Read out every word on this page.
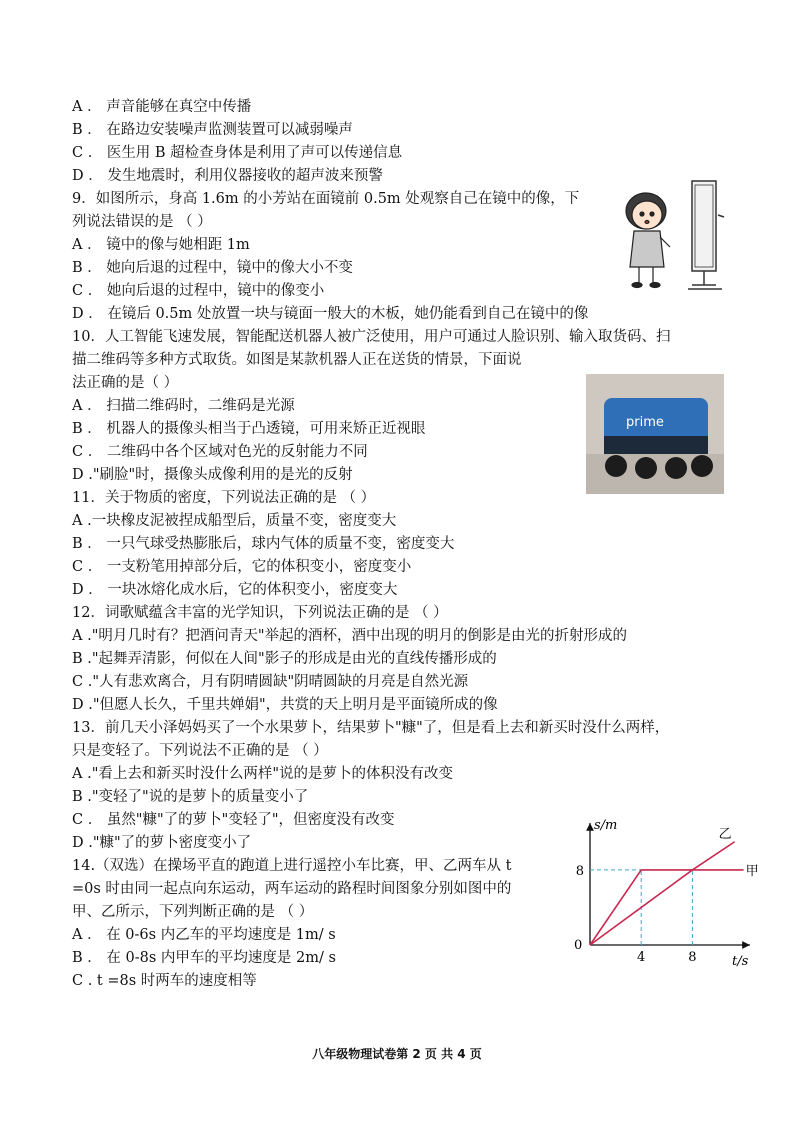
A ． 声音能够在真空中传播
B ． 在路边安装噪声监测装置可以减弱噪声
C ． 医生用 B 超检查身体是利用了声可以传递信息
D ． 发生地震时，利用仪器接收的超声波来预警
9．如图所示，身高 1.6m 的小芳站在面镜前 0.5m 处观察自己在镜中的像，下
列说法错误的是 （ ）
A ． 镜中的像与她相距 1m
B ． 她向后退的过程中，镜中的像大小不变
C ． 她向后退的过程中，镜中的像变小
D ． 在镜后 0.5m 处放置一块与镜面一般大的木板，她仍能看到自己在镜中的像
10．人工智能飞速发展，智能配送机器人被广泛使用，用户可通过人脸识别、输入取货码、扫
描二维码等多种方式取货。如图是某款机器人正在送货的情景，下面说
法正确的是（ ）
A ． 扫描二维码时，二维码是光源
B ． 机器人的摄像头相当于凸透镜，可用来矫正近视眼
C ． 二维码中各个区域对色光的反射能力不同
D ."刷脸"时，摄像头成像利用的是光的反射
11．关于物质的密度，下列说法正确的是 （ ）
A .一块橡皮泥被捏成船型后，质量不变，密度变大
B ． 一只气球受热膨胀后，球内气体的质量不变，密度变大
C ． 一支粉笔用掉部分后，它的体积变小，密度变小
D ． 一块冰熔化成水后，它的体积变小，密度变大
12．词歌赋蕴含丰富的光学知识，下列说法正确的是 （ ）
A ."明月几时有？把酒问青天"举起的酒杯，酒中出现的明月的倒影是由光的折射形成的
B ."起舞弄清影，何似在人间"影子的形成是由光的直线传播形成的
C ."人有悲欢离合，月有阴晴圆缺"阴晴圆缺的月亮是自然光源
D ."但愿人长久，千里共婵娟"，共赏的天上明月是平面镜所成的像
13．前几天小泽妈妈买了一个水果萝卜，结果萝卜"糠"了，但是看上去和新买时没什么两样，
只是变轻了。下列说法不正确的是 （ ）
A ."看上去和新买时没什么两样"说的是萝卜的体积没有改变
B ."变轻了"说的是萝卜的质量变小了
C ． 虽然"糠"了的萝卜"变轻了"，但密度没有改变
D ."糠"了的萝卜密度变小了
14.（双选）在操场平直的跑道上进行遥控小车比赛，甲、乙两车从 t
=0s 时由同一起点向东运动，两车运动的路程时间图象分别如图中的
甲、乙所示，下列判断正确的是 （ ）
A ． 在 0-6s 内乙车的平均速度是 1m/ s
B ． 在 0-8s 内甲车的平均速度是 2m/ s
C . t =8s 时两车的速度相等
prime
s/m
t/s
0
4	8
8	甲
乙
八年级物理试卷第 2 页 共 4 页
